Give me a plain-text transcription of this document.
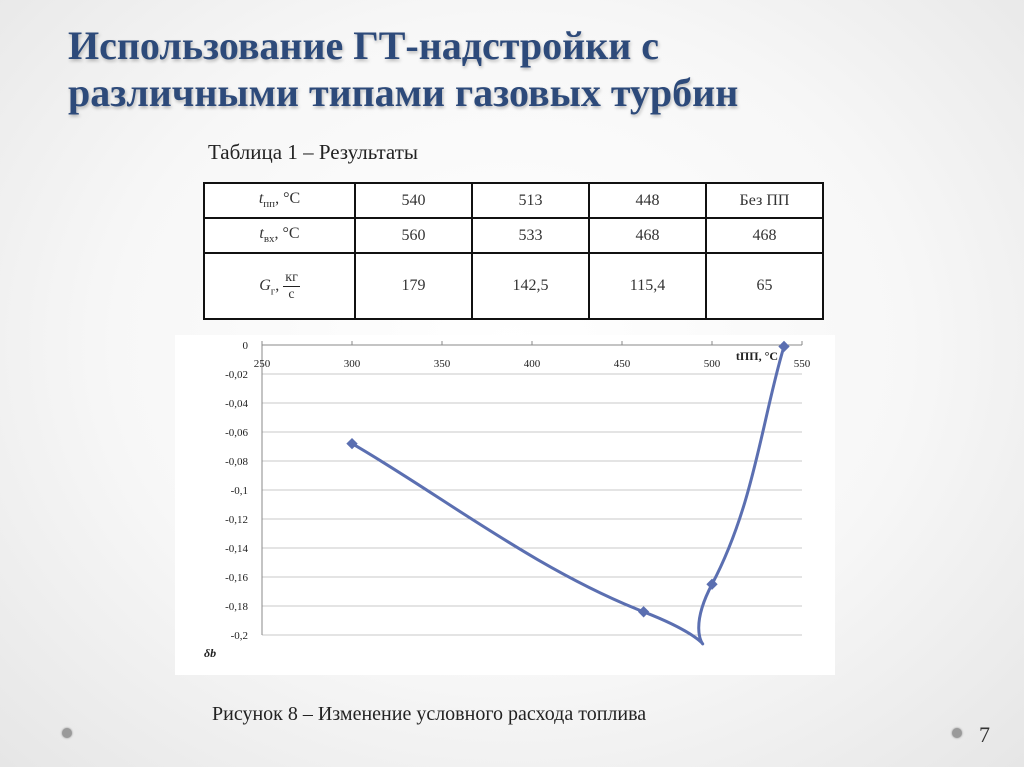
Использование ГТ-надстройки с
различными типами газовых турбин
Таблица 1 – Результаты
$t_{пп}$, °C	540	513	448	Без ПП
$t_{вх}$, °C	560	533	468	468
$G_г$, $\frac{кг}{с}$	179	142,5	115,4	65
0
-0,02
-0,04
-0,06
-0,08
-0,1
-0,12
-0,14
-0,16
-0,18
-0,2
250	300	350	400	450	500	550
tПП, °C
δb
Рисунок 8 – Изменение условного расхода топлива
7
